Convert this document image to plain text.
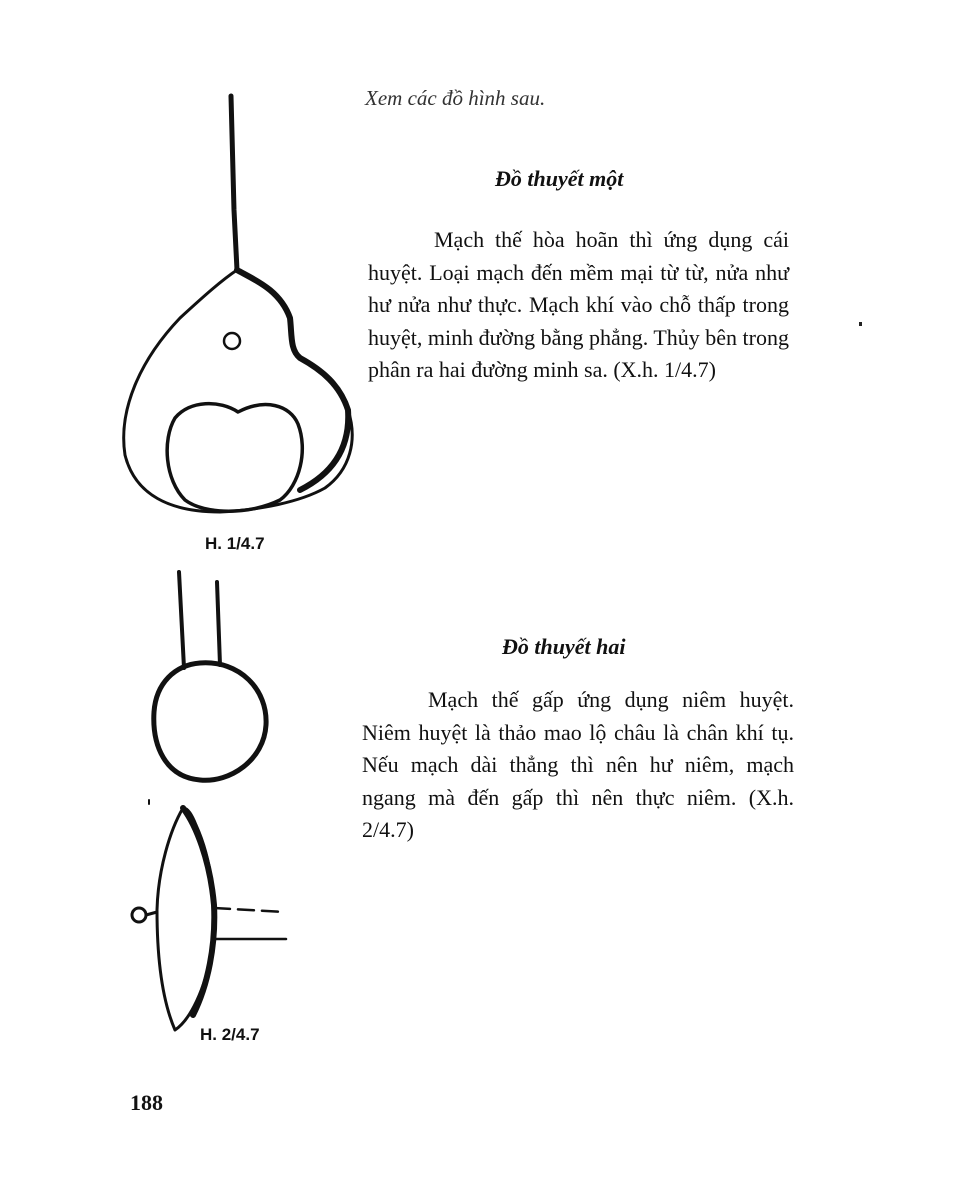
Xem các đồ hình sau.
Đồ thuyết một

Mạch thế hòa hoãn thì ứng dụng cái huyệt. Loại mạch đến mềm mại từ từ, nửa như hư nửa như thực. Mạch khí vào chỗ thấp trong huyệt, minh đường bằng phẳng. Thủy bên trong phân ra hai đường minh sa. (X.h. 1/4.7)

Đồ thuyết hai

Mạch thế gấp ứng dụng niêm huyệt. Niêm huyệt là thảo mao lộ châu là chân khí tụ. Nếu mạch dài thẳng thì nên hư niêm, mạch ngang mà đến gấp thì nên thực niêm. (X.h. 2/4.7)

H. 1/4.7
H. 2/4.7
188
